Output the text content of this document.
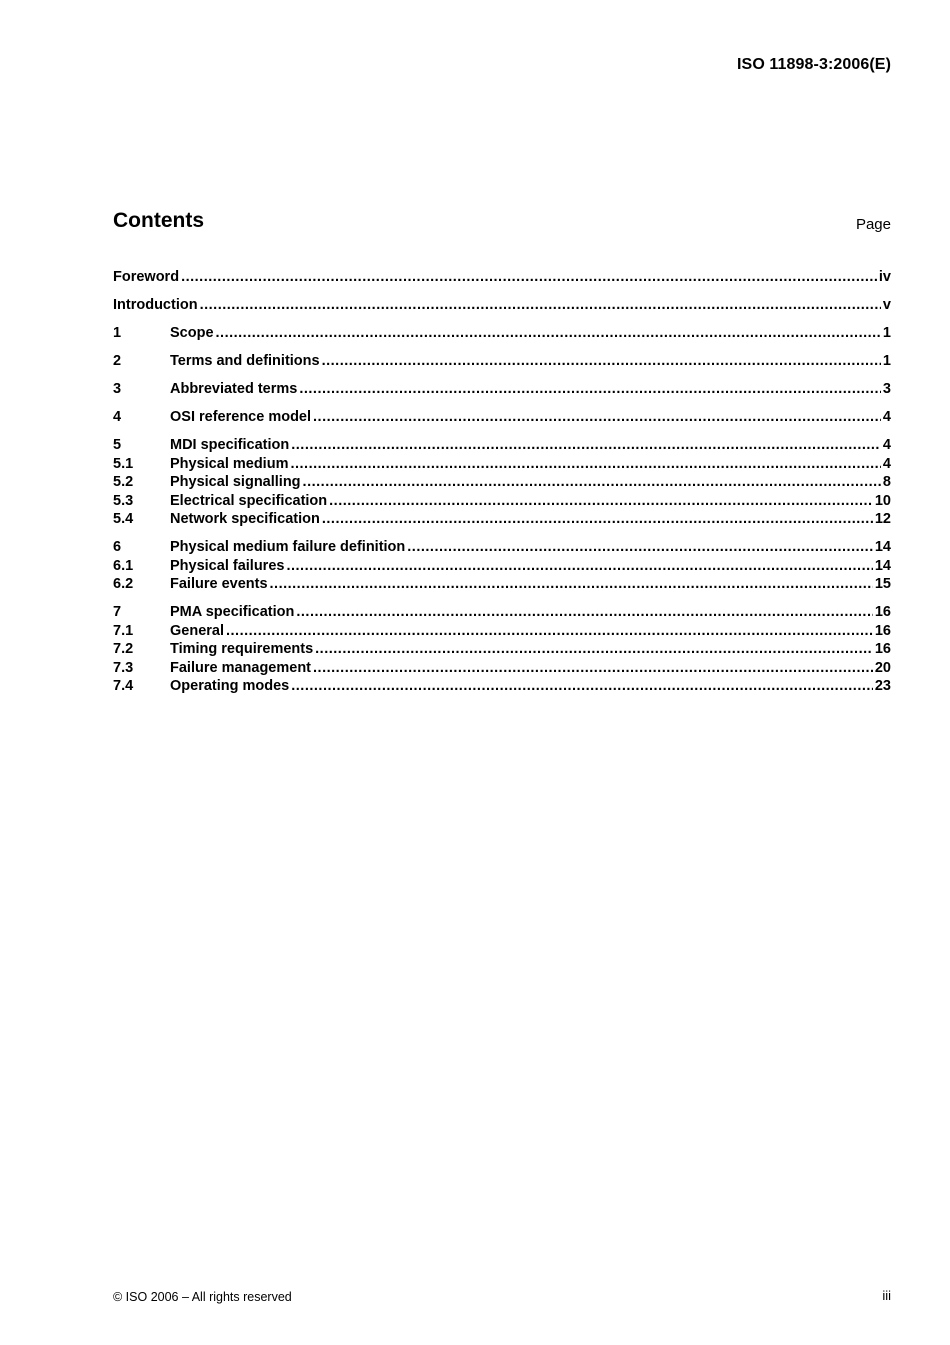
ISO 11898-3:2006(E)
Contents	Page
Foreword .....	iv
Introduction .....	v
1	Scope .....	1
2	Terms and definitions .....	1
3	Abbreviated terms .....	3
4	OSI reference model .....	4
5	MDI specification .....	4
5.1	Physical medium .....	4
5.2	Physical signalling .....	8
5.3	Electrical specification .....	10
5.4	Network specification .....	12
6	Physical medium failure definition .....	14
6.1	Physical failures .....	14
6.2	Failure events .....	15
7	PMA specification .....	16
7.1	General .....	16
7.2	Timing requirements .....	16
7.3	Failure management .....	20
7.4	Operating modes .....	23
© ISO 2006 – All rights reserved	iii
